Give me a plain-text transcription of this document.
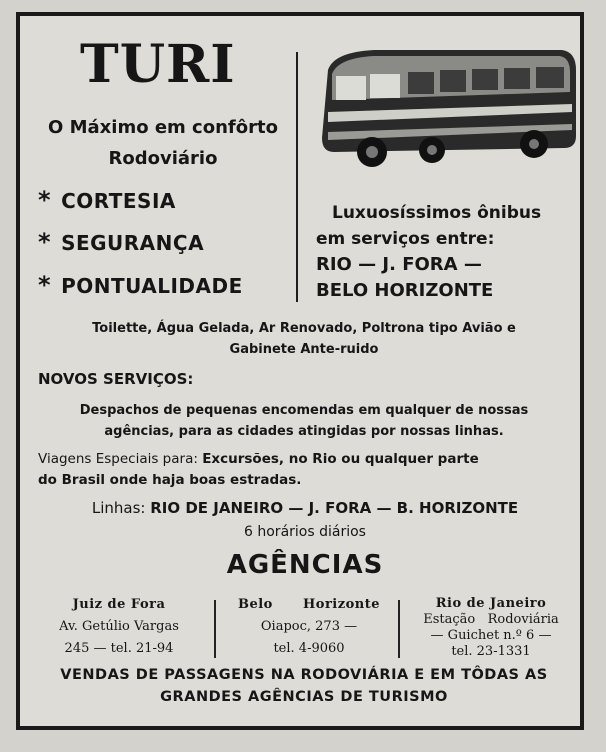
TURI
O Máximo em confôrto
Rodoviário
* CORTESIA
* SEGURANÇA
* PONTUALIDADE
Luxuosíssimos ônibus
em serviços entre:
RIO — J. FORA —
BELO HORIZONTE
Toilette, Água Gelada, Ar Renovado, Poltrona tipo Avião e
Gabinete Ante-ruido
NOVOS SERVIÇOS:
Despachos de pequenas encomendas em qualquer de nossas
agências, para as cidades atingidas por nossas linhas.
Viagens Especiais para: Excursões, no Rio ou qualquer parte
do Brasil onde haja boas estradas.
Linhas: RIO DE JANEIRO — J. FORA — B. HORIZONTE
6 horários diários
AGÊNCIAS
Juiz de Fora
Av. Getúlio Vargas
245 — tel. 21-94
Belo      Horizonte
Oiapoc, 273 —
tel. 4-9060
Rio de Janeiro
Estação   Rodoviária
— Guichet n.º 6 —
tel. 23-1331
VENDAS DE PASSAGENS NA RODOVIÁRIA E EM TÔDAS AS
GRANDES AGÊNCIAS DE TURISMO
